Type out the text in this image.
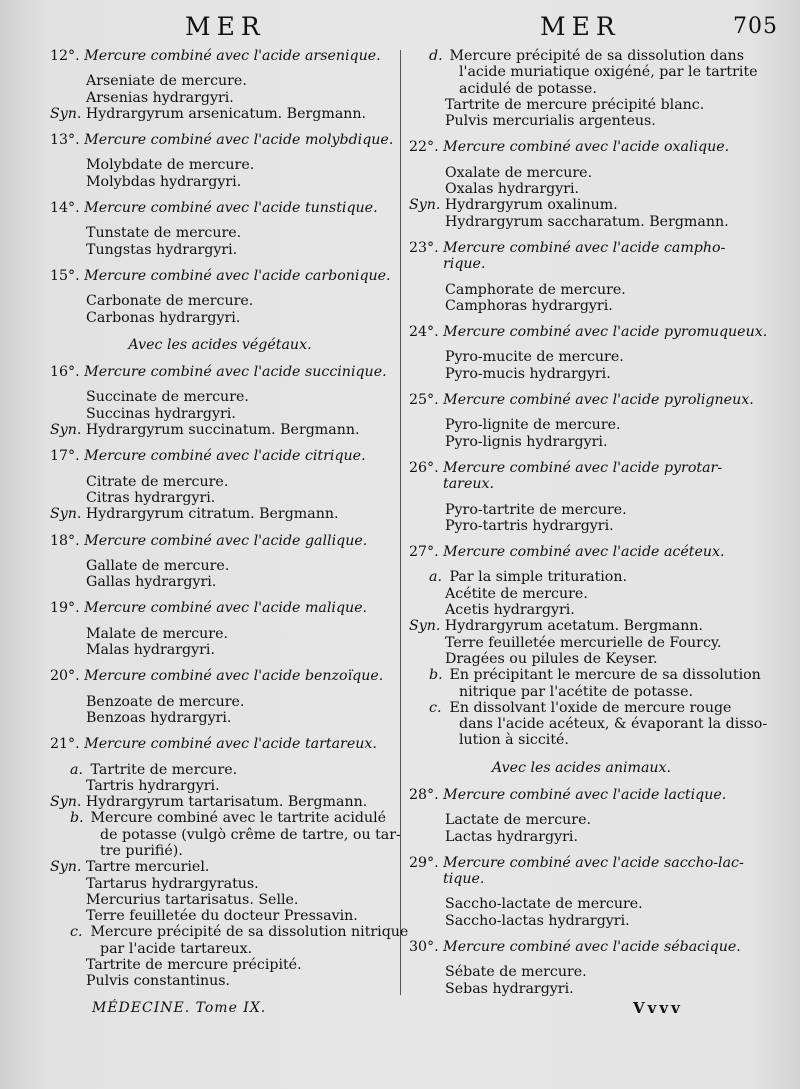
MER	MER	705
12°. Mercure combiné avec l'acide arsenique.
Arseniate de mercure.
Arsenias hydrargyri.
Syn. Hydrargyrum arsenicatum. Bergmann.
13°. Mercure combiné avec l'acide molybdique.
Molybdate de mercure.
Molybdas hydrargyri.
14°. Mercure combiné avec l'acide tunstique.
Tunstate de mercure.
Tungstas hydrargyri.
15°. Mercure combiné avec l'acide carbonique.
Carbonate de mercure.
Carbonas hydrargyri.
Avec les acides végétaux.
16°. Mercure combiné avec l'acide succinique.
Succinate de mercure.
Succinas hydrargyri.
Syn. Hydrargyrum succinatum. Bergmann.
17°. Mercure combiné avec l'acide citrique.
Citrate de mercure.
Citras hydrargyri.
Syn. Hydrargyrum citratum. Bergmann.
18°. Mercure combiné avec l'acide gallique.
Gallate de mercure.
Gallas hydrargyri.
19°. Mercure combiné avec l'acide malique.
Malate de mercure.
Malas hydrargyri.
20°. Mercure combiné avec l'acide benzoïque.
Benzoate de mercure.
Benzoas hydrargyri.
21°. Mercure combiné avec l'acide tartareux.
a. Tartrite de mercure.
Tartris hydrargyri.
Syn. Hydrargyrum tartarisatum. Bergmann.
b. Mercure combiné avec le tartrite acidulé
de potasse (vulgò crême de tartre, ou tar-
tre purifié).
Syn. Tartre mercuriel.
Tartarus hydrargyratus.
Mercurius tartarisatus. Selle.
Terre feuilletée du docteur Pressavin.
c. Mercure précipité de sa dissolution nitrique
par l'acide tartareux.
Tartrite de mercure précipité.
Pulvis constantinus.
d. Mercure précipité de sa dissolution dans
l'acide muriatique oxigéné, par le tartrite
acidulé de potasse.
Tartrite de mercure précipité blanc.
Pulvis mercurialis argenteus.
22°. Mercure combiné avec l'acide oxalique.
Oxalate de mercure.
Oxalas hydrargyri.
Syn. Hydrargyrum oxalinum.
Hydrargyrum saccharatum. Bergmann.
23°. Mercure combiné avec l'acide campho-
rique.
Camphorate de mercure.
Camphoras hydrargyri.
24°. Mercure combiné avec l'acide pyromuqueux.
Pyro-mucite de mercure.
Pyro-mucis hydrargyri.
25°. Mercure combiné avec l'acide pyroligneux.
Pyro-lignite de mercure.
Pyro-lignis hydrargyri.
26°. Mercure combiné avec l'acide pyrotar-
tareux.
Pyro-tartrite de mercure.
Pyro-tartris hydrargyri.
27°. Mercure combiné avec l'acide acéteux.
a. Par la simple trituration.
Acétite de mercure.
Acetis hydrargyri.
Syn. Hydrargyrum acetatum. Bergmann.
Terre feuilletée mercurielle de Fourcy.
Dragées ou pilules de Keyser.
b. En précipitant le mercure de sa dissolution
nitrique par l'acétite de potasse.
c. En dissolvant l'oxide de mercure rouge
dans l'acide acéteux, & évaporant la disso-
lution à siccité.
Avec les acides animaux.
28°. Mercure combiné avec l'acide lactique.
Lactate de mercure.
Lactas hydrargyri.
29°. Mercure combiné avec l'acide saccho-lac-
tique.
Saccho-lactate de mercure.
Saccho-lactas hydrargyri.
30°. Mercure combiné avec l'acide sébacique.
Sébate de mercure.
Sebas hydrargyri.
MÉDECINE. Tome IX.	Vvvv
